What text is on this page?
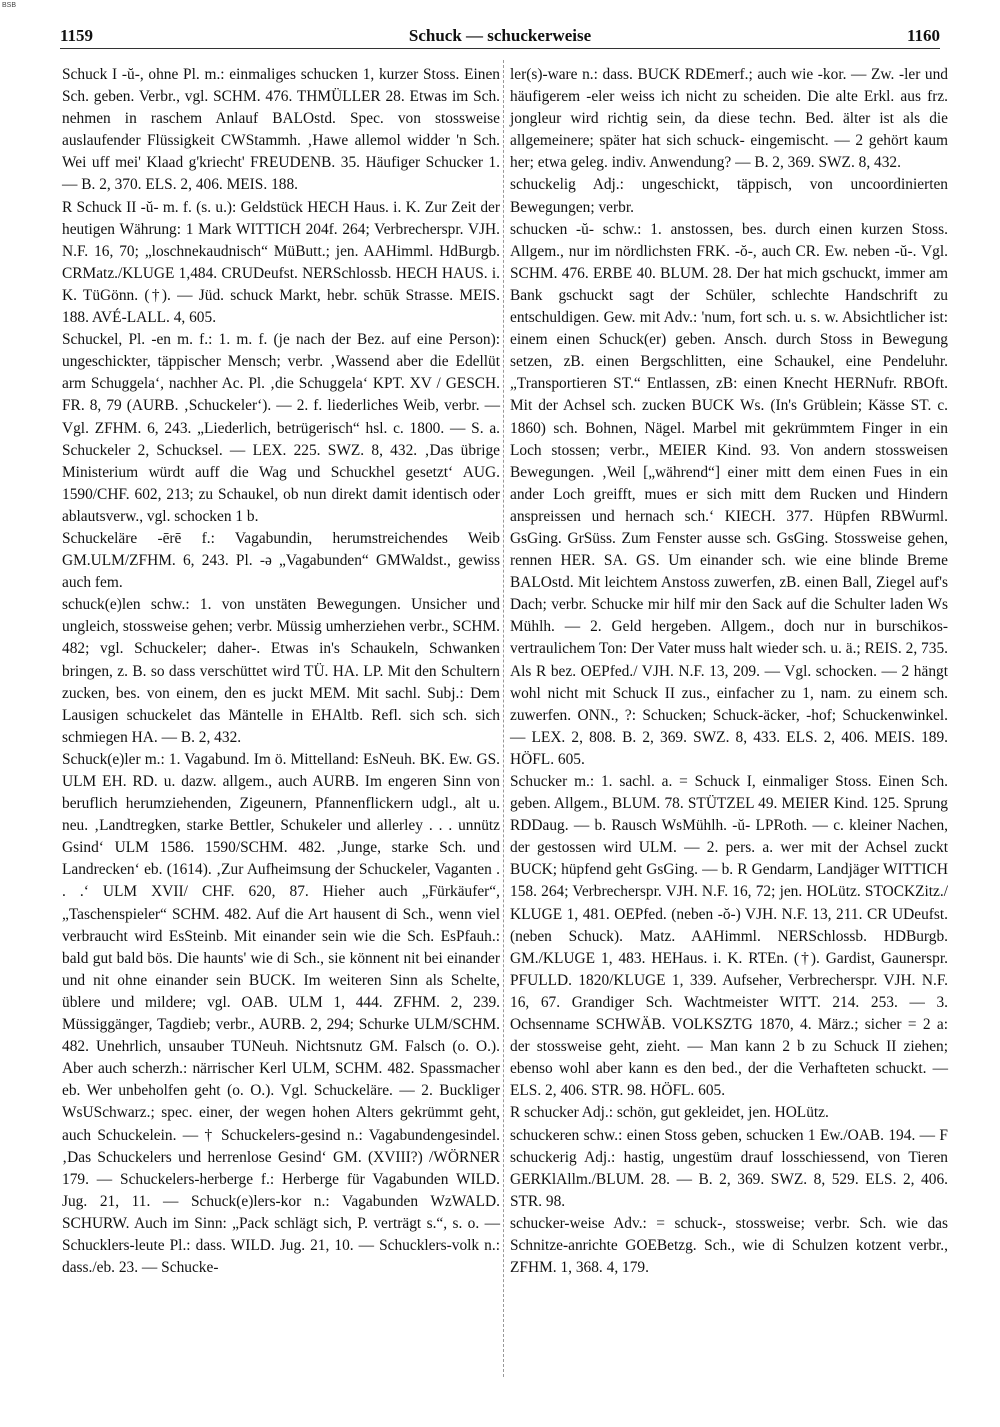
BSB
1159	Schuck — schuckerweise	1160

Schuck I -ŭ-, ohne Pl. m.: einmaliges schucken 1, kurzer Stoss. Einen Sch. geben. Verbr., vgl. SCHM. 476. THMÜLLER 28. Etwas im Sch. nehmen in raschem Anlauf BALOstd. Spec. von stossweise auslaufender Flüssigkeit CWStammh. ‚Hawe allemol widder 'n Sch. Wei uff mei' Klaad g'kriecht' FREUDENB. 35. Häufiger Schucker 1. — B. 2, 370. ELS. 2, 406. MEIS. 188.

R Schuck II -ŭ- m. f. (s. u.): Geldstück HECH Haus. i. K. Zur Zeit der heutigen Währung: 1 Mark WITTICH 204f. 264; Verbrecherspr. VJH. N.F. 16, 70; „loschnekaudnisch“ MüButt.; jen. AAHimml. HdBurgb. CRMatz./KLUGE 1,484. CRUDeufst. NERSchlossb. HECH HAUS. i. K. TüGönn. (†). — Jüd. schuck Markt, hebr. schūk Strasse. MEIS. 188. AVÉ-LALL. 4, 605.

Schuckel, Pl. -en m. f.: 1. m. f. (je nach der Bez. auf eine Person): ungeschickter, täppischer Mensch; verbr. ‚Wassend aber die Edellüt arm Schuggela‘, nachher Ac. Pl. ‚die Schuggela‘ KPT. XV / GESCH. FR. 8, 79 (AURB. ‚Schuckeler‘). — 2. f. liederliches Weib, verbr. — Vgl. ZFHM. 6, 243. „Liederlich, betrügerisch“ hsl. c. 1800. — S. a. Schuckeler 2, Schucksel. — LEX. 225. SWZ. 8, 432. ‚Das übrige Ministerium würdt auff die Wag und Schuckhel gesetzt‘ AUG. 1590/CHF. 602, 213; zu Schaukel, ob nun direkt damit identisch oder ablautsverw., vgl. schocken 1 b.

Schuckeläre -ērē f.: Vagabundin, herumstreichendes Weib GM.ULM/ZFHM. 6, 243. Pl. -ə „Vagabunden“ GMWaldst., gewiss auch fem.

schuck(e)len schw.: 1. von unstäten Bewegungen. Unsicher und ungleich, stossweise gehen; verbr. Müssig umherziehen verbr., SCHM. 482; vgl. Schuckeler; daher-. Etwas in's Schaukeln, Schwanken bringen, z. B. so dass verschüttet wird TÜ. HA. LP. Mit den Schultern zucken, bes. von einem, den es juckt MEM. Mit sachl. Subj.: Dem Lausigen schuckelet das Mäntelle in EHAltb. Refl. sich sch. sich schmiegen HA. — B. 2, 432.

Schuck(e)ler m.: 1. Vagabund. Im ö. Mittelland: EsNeuh. BK. Ew. GS. ULM EH. RD. u. dazw. allgem., auch AURB. Im engeren Sinn von beruflich herumziehenden, Zigeunern, Pfannenflickern udgl., alt u. neu. ‚Landtregken, starke Bettler, Schukeler und allerley . . . unnütz Gsind‘ ULM 1586. 1590/SCHM. 482. ‚Junge, starke Sch. und Landrecken‘ eb. (1614). ‚Zur Aufheimsung der Schuckeler, Vaganten . . .‘ ULM XVII/ CHF. 620, 87. Hieher auch „Fürkäufer“, „Taschenspieler“ SCHM. 482. Auf die Art hausent di Sch., wenn viel verbraucht wird EsSteinb. Mit einander sein wie die Sch. EsPfauh.: bald gut bald bös. Die haunts' wie di Sch., sie könnent nit bei einander und nit ohne einander sein BUCK. Im weiteren Sinn als Schelte, üblere und mildere; vgl. OAB. ULM 1, 444. ZFHM. 2, 239. Müssiggänger, Tagdieb; verbr., AURB. 2, 294; Schurke ULM/SCHM. 482. Unehrlich, unsauber TUNeuh. Nichtsnutz GM. Falsch (o. O.). Aber auch scherzh.: närrischer Kerl ULM, SCHM. 482. Spassmacher eb. Wer unbeholfen geht (o. O.). Vgl. Schuckeläre. — 2. Buckliger WsUSchwarz.; spec. einer, der wegen hohen Alters gekrümmt geht, auch Schuckelein. — † Schuckelers-gesind n.: Vagabundengesindel. ‚Das Schuckelers und herrenlose Gesind‘ GM. (XVIII?) /WÖRNER 179. — Schuckelers-herberge f.: Herberge für Vagabunden WILD. Jug. 21, 11. — Schuck(e)lers-kor n.: Vagabunden WzWALD. SCHURW. Auch im Sinn: „Pack schlägt sich, P. verträgt s.“, s. o. — Schucklers-leute Pl.: dass. WILD. Jug. 21, 10. — Schucklers-volk n.: dass./eb. 23. — Schucke-

ler(s)-ware n.: dass. BUCK RDEmerf.; auch wie -kor. — Zw. -ler und häufigerem -eler weiss ich nicht zu scheiden. Die alte Erkl. aus frz. jongleur wird richtig sein, da diese techn. Bed. älter ist als die allgemeinere; später hat sich schuck- eingemischt. — 2 gehört kaum her; etwa geleg. indiv. Anwendung? — B. 2, 369. SWZ. 8, 432.

schuckelig Adj.: ungeschickt, täppisch, von uncoordinierten Bewegungen; verbr.

schucken -ŭ- schw.: 1. anstossen, bes. durch einen kurzen Stoss. Allgem., nur im nördlichsten FRK. -ŏ-, auch CR. Ew. neben -ŭ-. Vgl. SCHM. 476. ERBE 40. BLUM. 28. Der hat mich gschuckt, immer am Bank gschuckt sagt der Schüler, schlechte Handschrift zu entschuldigen. Gew. mit Adv.: 'num, fort sch. u. s. w. Absichtlicher ist: einem einen Schuck(er) geben. Ansch. durch Stoss in Bewegung setzen, zB. einen Bergschlitten, eine Schaukel, eine Pendeluhr. „Transportieren ST.“ Entlassen, zB: einen Knecht HERNufr. RBOft. Mit der Achsel sch. zucken BUCK Ws. (In's Grüblein; Kässe ST. c. 1860) sch. Bohnen, Nägel. Marbel mit gekrümmtem Finger in ein Loch stossen; verbr., MEIER Kind. 93. Von andern stossweisen Bewegungen. ‚Weil [„während“] einer mitt dem einen Fues in ein ander Loch greifft, mues er sich mitt dem Rucken und Hindern anspreissen und hernach sch.‘ KIECH. 377. Hüpfen RBWurml. GsGing. GrSüss. Zum Fenster ausse sch. GsGing. Stossweise gehen, rennen HER. SA. GS. Um einander sch. wie eine blinde Breme BALOstd. Mit leichtem Anstoss zuwerfen, zB. einen Ball, Ziegel auf's Dach; verbr. Schucke mir hilf mir den Sack auf die Schulter laden Ws Mühlh. — 2. Geld hergeben. Allgem., doch nur in burschikos-vertraulichem Ton: Der Vater muss halt wieder sch. u. ä.; REIS. 2, 735. Als R bez. OEPfed./ VJH. N.F. 13, 209. — Vgl. schocken. — 2 hängt wohl nicht mit Schuck II zus., einfacher zu 1, nam. zu einem sch. zuwerfen. ONN., ?: Schucken; Schuck-äcker, -hof; Schuckenwinkel. — LEX. 2, 808. B. 2, 369. SWZ. 8, 433. ELS. 2, 406. MEIS. 189. HÖFL. 605.

Schucker m.: 1. sachl. a. = Schuck I, einmaliger Stoss. Einen Sch. geben. Allgem., BLUM. 78. STÜTZEL 49. MEIER Kind. 125. Sprung RDDaug. — b. Rausch WsMühlh. -ŭ- LPRoth. — c. kleiner Nachen, der gestossen wird ULM. — 2. pers. a. wer mit der Achsel zuckt BUCK; hüpfend geht GsGing. — b. R Gendarm, Landjäger WITTICH 158. 264; Verbrecherspr. VJH. N.F. 16, 72; jen. HOLütz. STOCKZitz./ KLUGE 1, 481. OEPfed. (neben -ŏ-) VJH. N.F. 13, 211. CR UDeufst. (neben Schuck). Matz. AAHimml. NERSchlossb. HDBurgb. GM./KLUGE 1, 483. HEHaus. i. K. RTEn. (†). Gardist, Gaunerspr. PFULLD. 1820/KLUGE 1, 339. Aufseher, Verbrecherspr. VJH. N.F. 16, 67. Grandiger Sch. Wachtmeister WITT. 214. 253. — 3. Ochsenname SCHWÄB. VOLKSZTG 1870, 4. März.; sicher = 2 a: der stossweise geht, zieht. — Man kann 2 b zu Schuck II ziehen; ebenso wohl aber kann es den bed., der die Verhafteten schuckt. — ELS. 2, 406. STR. 98. HÖFL. 605.

R schucker Adj.: schön, gut gekleidet, jen. HOLütz.

schuckeren schw.: einen Stoss geben, schucken 1 Ew./OAB. 194. — F schuckerig Adj.: hastig, ungestüm drauf losschiessend, von Tieren GERKlAllm./BLUM. 28. — B. 2, 369. SWZ. 8, 529. ELS. 2, 406. STR. 98.

schucker-weise Adv.: = schuck-, stossweise; verbr. Sch. wie das Schnitze-anrichte GOEBetzg. Sch., wie di Schulzen kotzent verbr., ZFHM. 1, 368. 4, 179.
